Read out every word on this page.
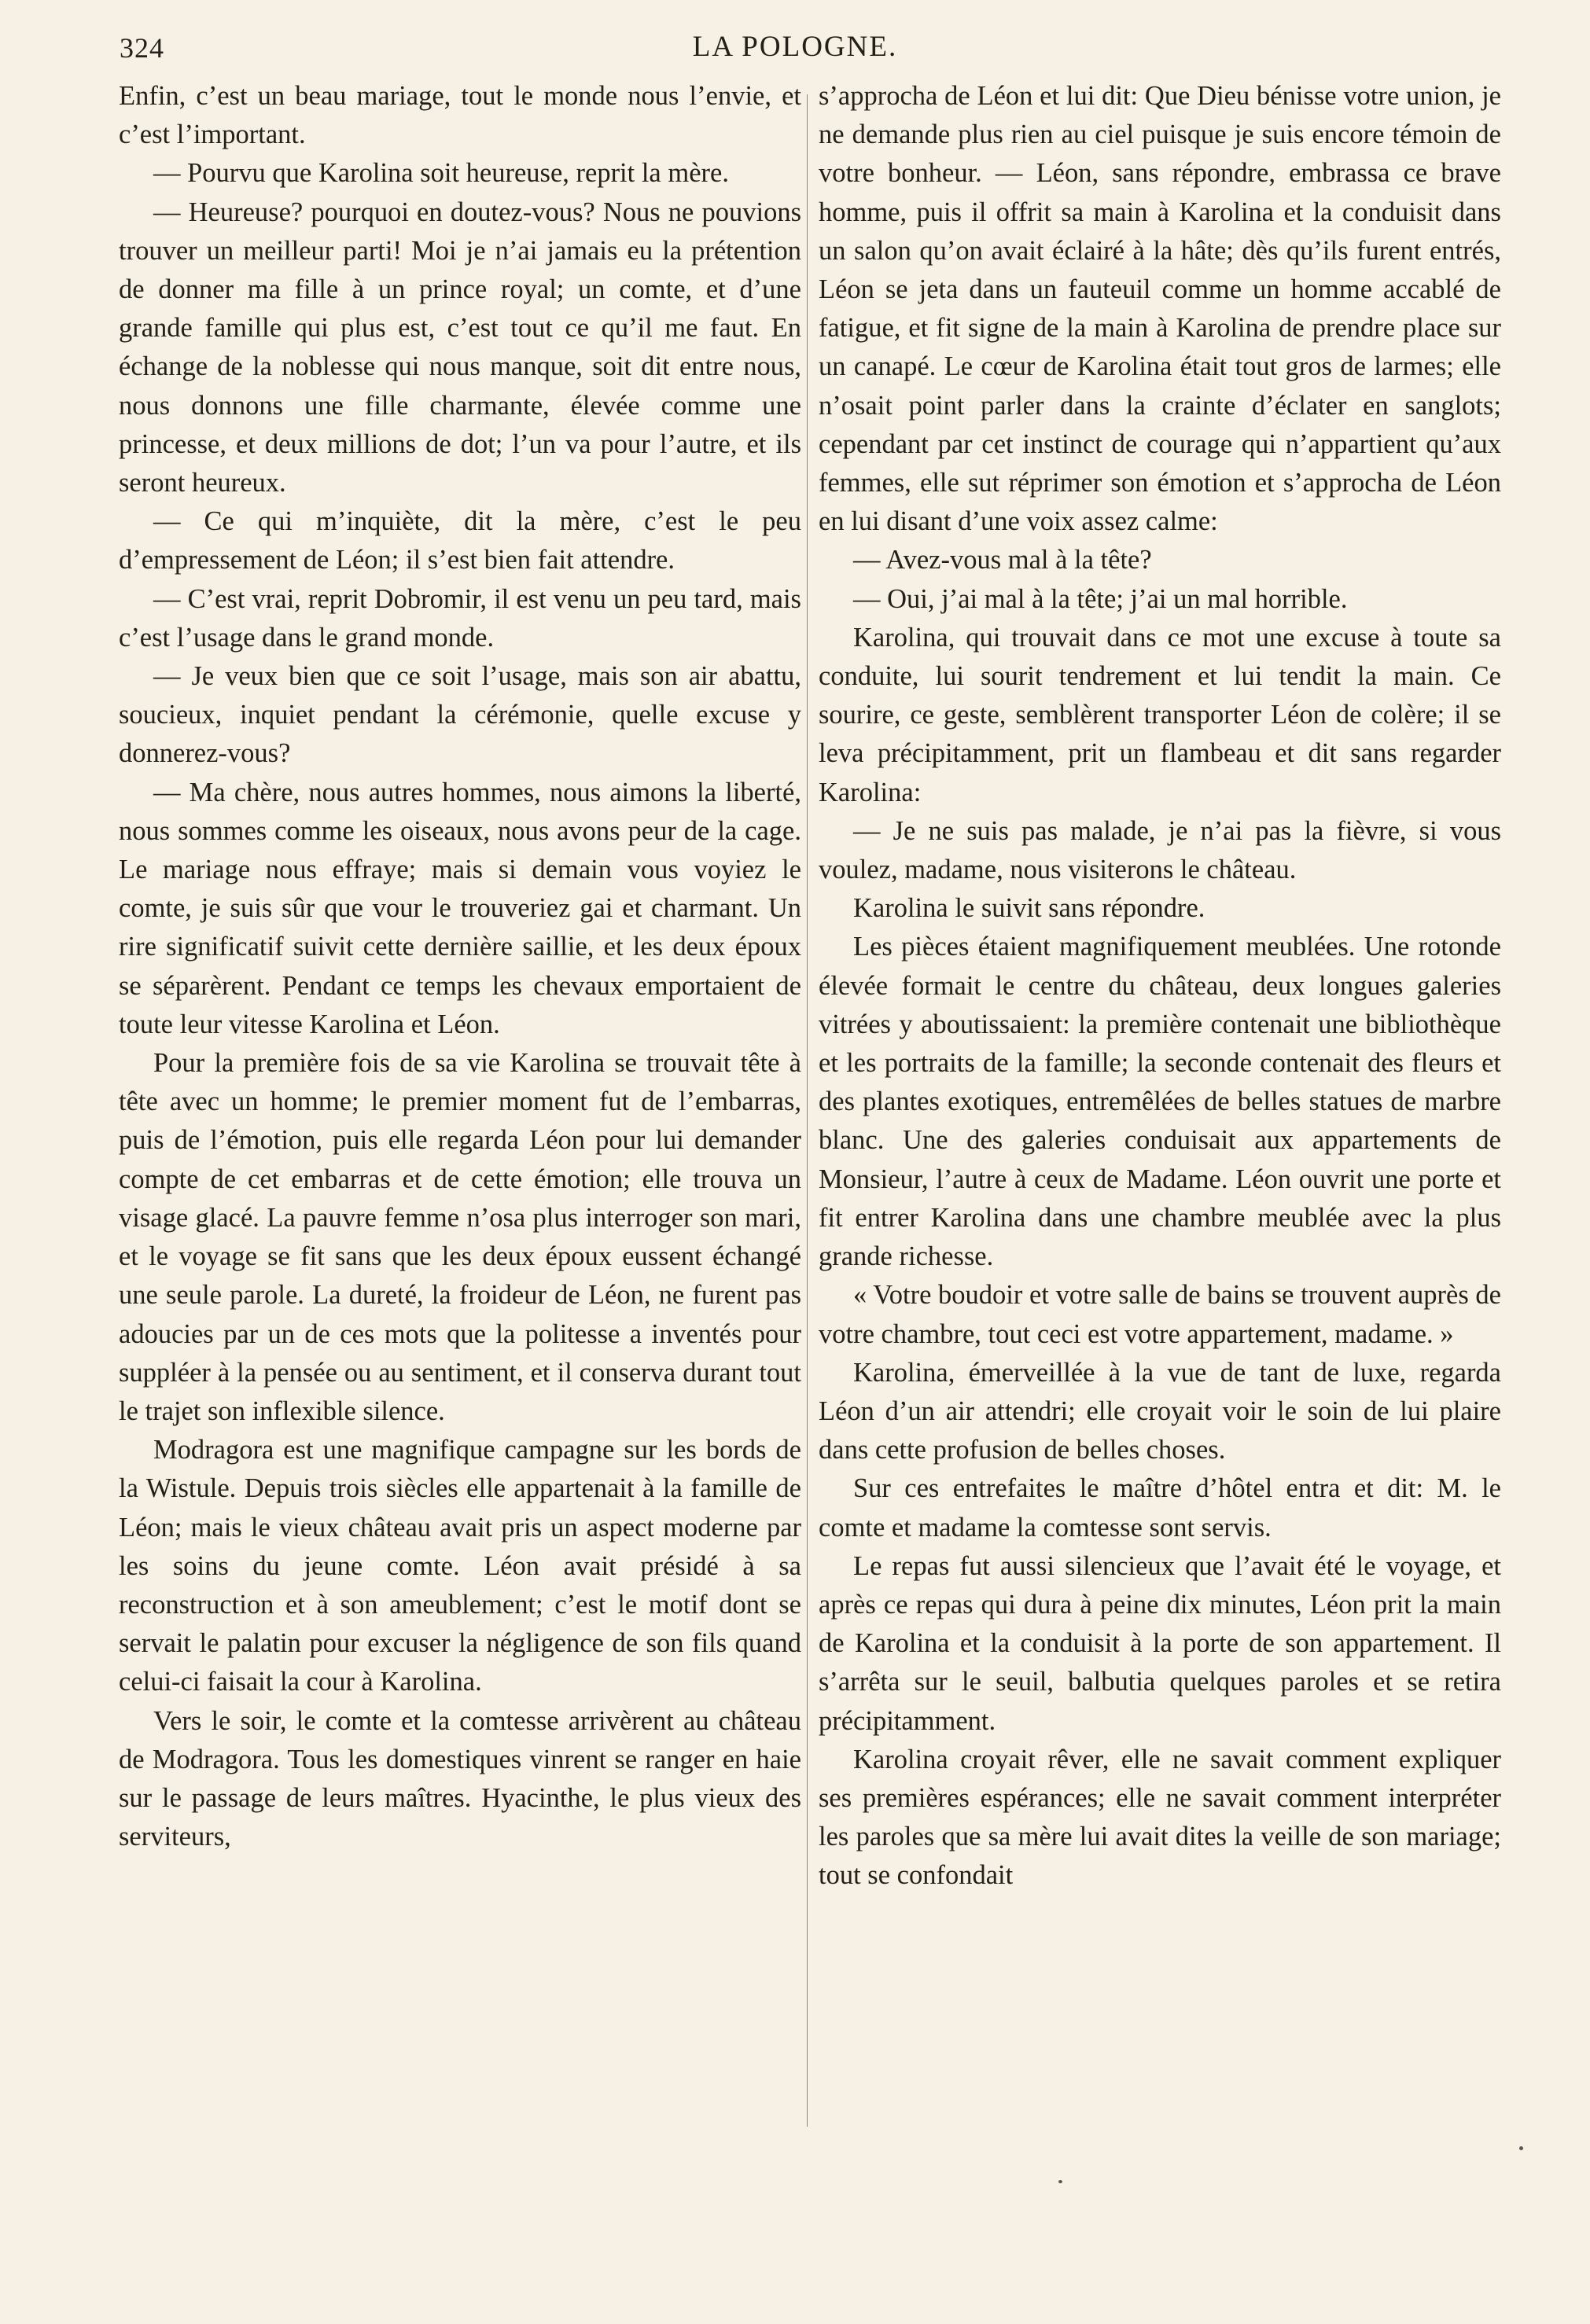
324	LA POLOGNE.

Enfin, c’est un beau mariage, tout le monde nous l’envie, et c’est l’important.

— Pourvu que Karolina soit heureuse, reprit la mère.

— Heureuse? pourquoi en doutez-vous? Nous ne pouvions trouver un meilleur parti! Moi je n’ai jamais eu la prétention de donner ma fille à un prince royal; un comte, et d’une grande famille qui plus est, c’est tout ce qu’il me faut. En échange de la noblesse qui nous manque, soit dit entre nous, nous donnons une fille charmante, élevée comme une princesse, et deux millions de dot; l’un va pour l’autre, et ils seront heureux.

— Ce qui m’inquiète, dit la mère, c’est le peu d’empressement de Léon; il s’est bien fait attendre.

— C’est vrai, reprit Dobromir, il est venu un peu tard, mais c’est l’usage dans le grand monde.

— Je veux bien que ce soit l’usage, mais son air abattu, soucieux, inquiet pendant la cérémonie, quelle excuse y donnerez-vous?

— Ma chère, nous autres hommes, nous aimons la liberté, nous sommes comme les oiseaux, nous avons peur de la cage. Le mariage nous effraye; mais si demain vous voyiez le comte, je suis sûr que vour le trouveriez gai et charmant. Un rire significatif suivit cette dernière saillie, et les deux époux se séparèrent. Pendant ce temps les chevaux emportaient de toute leur vitesse Karolina et Léon.

Pour la première fois de sa vie Karolina se trouvait tête à tête avec un homme; le premier moment fut de l’embarras, puis de l’émotion, puis elle regarda Léon pour lui demander compte de cet embarras et de cette émotion; elle trouva un visage glacé. La pauvre femme n’osa plus interroger son mari, et le voyage se fit sans que les deux époux eussent échangé une seule parole. La dureté, la froideur de Léon, ne furent pas adoucies par un de ces mots que la politesse a inventés pour suppléer à la pensée ou au sentiment, et il conserva durant tout le trajet son inflexible silence.

Modragora est une magnifique campagne sur les bords de la Wistule. Depuis trois siècles elle appartenait à la famille de Léon; mais le vieux château avait pris un aspect moderne par les soins du jeune comte. Léon avait présidé à sa reconstruction et à son ameublement; c’est le motif dont se servait le palatin pour excuser la négligence de son fils quand celui-ci faisait la cour à Karolina.

Vers le soir, le comte et la comtesse arrivèrent au château de Modragora. Tous les domestiques vinrent se ranger en haie sur le passage de leurs maîtres. Hyacinthe, le plus vieux des serviteurs,

s’approcha de Léon et lui dit: Que Dieu bénisse votre union, je ne demande plus rien au ciel puisque je suis encore témoin de votre bonheur. — Léon, sans répondre, embrassa ce brave homme, puis il offrit sa main à Karolina et la conduisit dans un salon qu’on avait éclairé à la hâte; dès qu’ils furent entrés, Léon se jeta dans un fauteuil comme un homme accablé de fatigue, et fit signe de la main à Karolina de prendre place sur un canapé. Le cœur de Karolina était tout gros de larmes; elle n’osait point parler dans la crainte d’éclater en sanglots; cependant par cet instinct de courage qui n’appartient qu’aux femmes, elle sut réprimer son émotion et s’approcha de Léon en lui disant d’une voix assez calme:

— Avez-vous mal à la tête?

— Oui, j’ai mal à la tête; j’ai un mal horrible.

Karolina, qui trouvait dans ce mot une excuse à toute sa conduite, lui sourit tendrement et lui tendit la main. Ce sourire, ce geste, semblèrent transporter Léon de colère; il se leva précipitamment, prit un flambeau et dit sans regarder Karolina:

— Je ne suis pas malade, je n’ai pas la fièvre, si vous voulez, madame, nous visiterons le château.

Karolina le suivit sans répondre.

Les pièces étaient magnifiquement meublées. Une rotonde élevée formait le centre du château, deux longues galeries vitrées y aboutissaient: la première contenait une bibliothèque et les portraits de la famille; la seconde contenait des fleurs et des plantes exotiques, entremêlées de belles statues de marbre blanc. Une des galeries conduisait aux appartements de Monsieur, l’autre à ceux de Madame. Léon ouvrit une porte et fit entrer Karolina dans une chambre meublée avec la plus grande richesse.

« Votre boudoir et votre salle de bains se trouvent auprès de votre chambre, tout ceci est votre appartement, madame. »

Karolina, émerveillée à la vue de tant de luxe, regarda Léon d’un air attendri; elle croyait voir le soin de lui plaire dans cette profusion de belles choses.

Sur ces entrefaites le maître d’hôtel entra et dit: M. le comte et madame la comtesse sont servis.

Le repas fut aussi silencieux que l’avait été le voyage, et après ce repas qui dura à peine dix minutes, Léon prit la main de Karolina et la conduisit à la porte de son appartement. Il s’arrêta sur le seuil, balbutia quelques paroles et se retira précipitamment.

Karolina croyait rêver, elle ne savait comment expliquer ses premières espérances; elle ne savait comment interpréter les paroles que sa mère lui avait dites la veille de son mariage; tout se confondait
